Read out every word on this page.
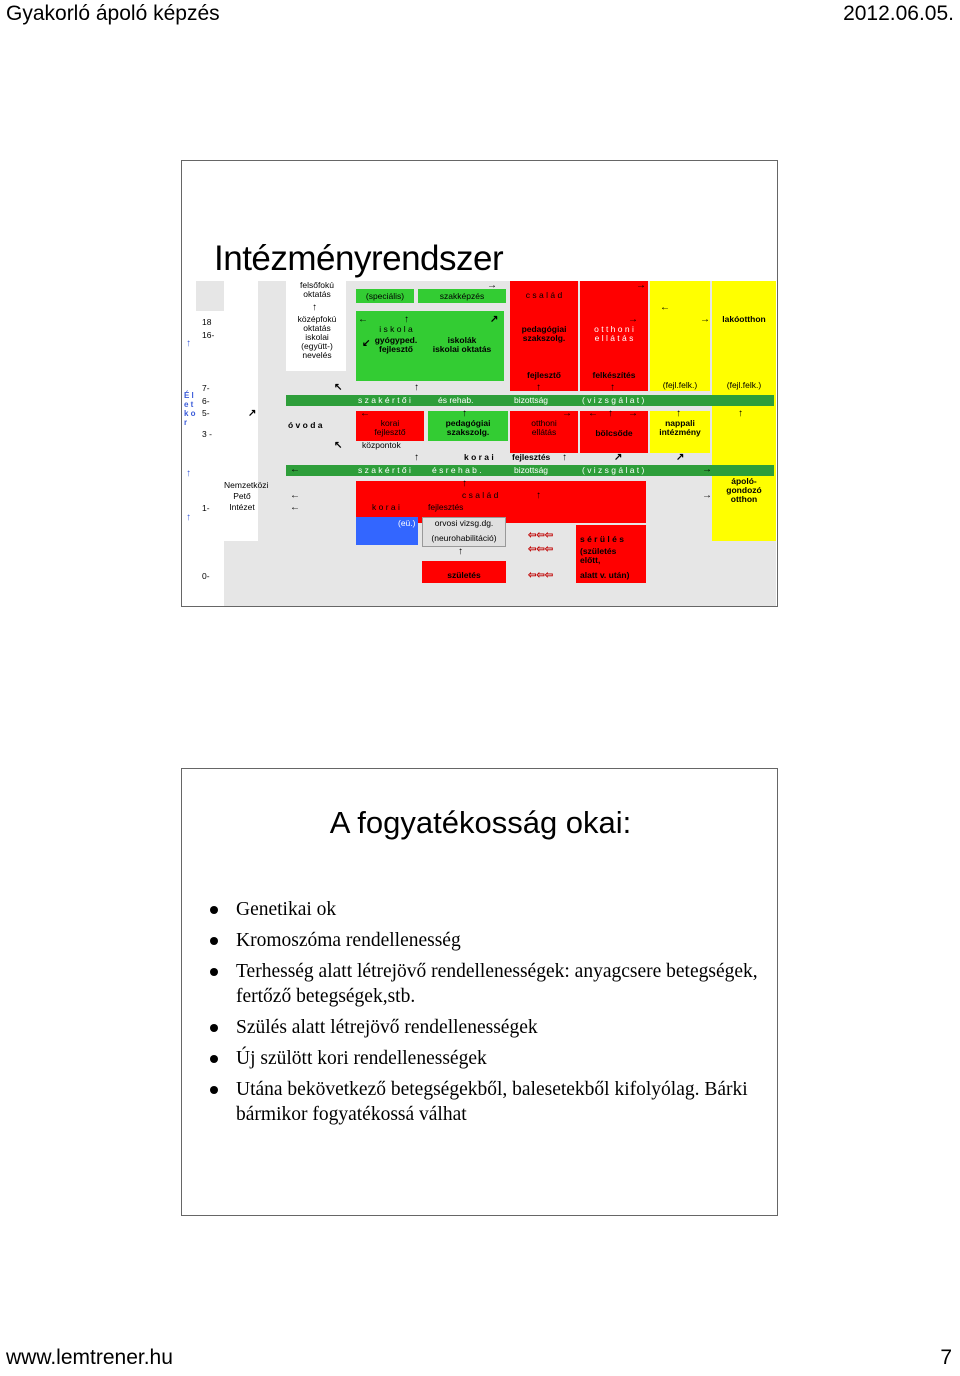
Gyakorló ápoló képzés	2012.06.05.
Intézményrendszer
É l e t k o r
18
16-
7-
6-
5-
3 -
1-
0-
↑
↑
↑
felsőfokú
oktatás	(speciális)	szakképzés	c s a l á d
középfokú
oktatás
iskolai
(együtt-)
nevelés
i s k o l a
gyógyped.
fejlesztő
iskolák
iskolai oktatás
pedagógiai
szakszolg.
o t t h o n i
e l l á t á s
lakóotthon
fejlesztő	felkészítés
(fejl.felk.)	(fejl.felk.)
s z a k é r t ő i	és rehab.	bizottság	( v i z s g á l a t )
ó v o d a	korai
fejlesztő
központok
pedagógiai
szakszolg.
otthoni
ellátás	bölcsőde
nappali
intézmény
k o r a i fejlesztés
s z a k é r t ő i é s r e h a b .	bizottság	( v i z s g á l a t )
Nemzetközi
Pető
Intézet
c s a l á d
k o r a i	fejlesztés
ápoló-
gondozó
otthon
(eü.)	orvosi vizsg.dg.
(neurohabilitáció)	s é r ü l é s
(születés
előtt,
alatt v. után)
születés
↑
→	→
←
→
←	↑	↗	→
↙
↖	↑	↑	↑
↗	←	↑	→ ← ↑ →	↑	↑
↖
↑	↑	↗	↗
←	→
↑
←	↑	→
←
↑
⇦⇦⇦
⇦⇦⇦
⇦⇦⇦
A fogyatékosság okai:
Genetikai ok
Kromoszóma rendellenesség
Terhesség alatt létrejövő rendellenességek: anyagcsere betegségek, fertőző betegségek,stb.
Szülés alatt létrejövő rendellenességek
Új szülött kori rendellenességek
Utána bekövetkező betegségekből, balesetekből kifolyólag. Bárki bármikor fogyatékossá válhat
www.lemtrener.hu	7
